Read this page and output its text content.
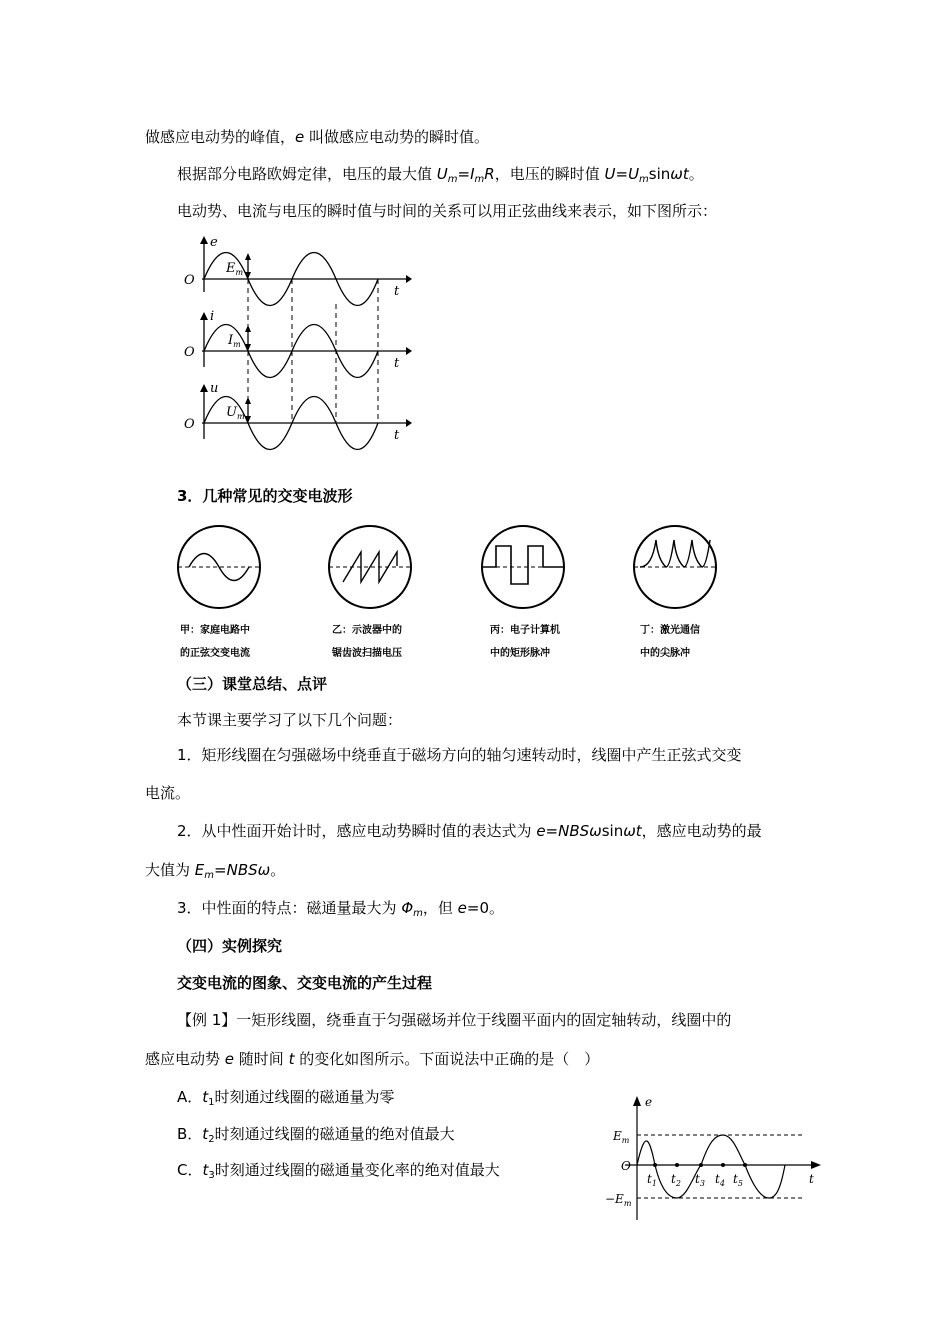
做感应电动势的峰值，e 叫做感应电动势的瞬时值。
根据部分电路欧姆定律，电压的最大值 $U_m=I_mR$，电压的瞬时值 $U=U_m\sin\omega t$。
电动势、电流与电压的瞬时值与时间的关系可以用正弦曲线来表示，如下图所示：
e
i
u
O
O
O
t
t
t
$E_m$
$I_m$
$U_m$
3．几种常见的交变电波形
甲：家庭电路中
的正弦交变电流
乙：示波器中的
锯齿波扫描电压
丙：电子计算机
中的矩形脉冲
丁：激光通信
中的尖脉冲
（三）课堂总结、点评
本节课主要学习了以下几个问题：
1．矩形线圈在匀强磁场中绕垂直于磁场方向的轴匀速转动时，线圈中产生正弦式交变
电流。
2．从中性面开始计时，感应电动势瞬时值的表达式为 e=NBSωsinωt，感应电动势的最
大值为 $E_m=NBS\omega$。
3．中性面的特点：磁通量最大为 $\Phi_m$，但 e=0。
（四）实例探究
交变电流的图象、交变电流的产生过程
【例 1】一矩形线圈，绕垂直于匀强磁场并位于线圈平面内的固定轴转动，线圈中的
感应电动势 e 随时间 t 的变化如图所示。下面说法中正确的是（　）
A．$t_1$时刻通过线圈的磁通量为零
B．$t_2$时刻通过线圈的磁通量的绝对值最大
C．$t_3$时刻通过线圈的磁通量变化率的绝对值最大
e
t
O
$E_m$
$-E_m$
$t_1$ $t_2$ $t_3$ $t_4$ $t_5$
